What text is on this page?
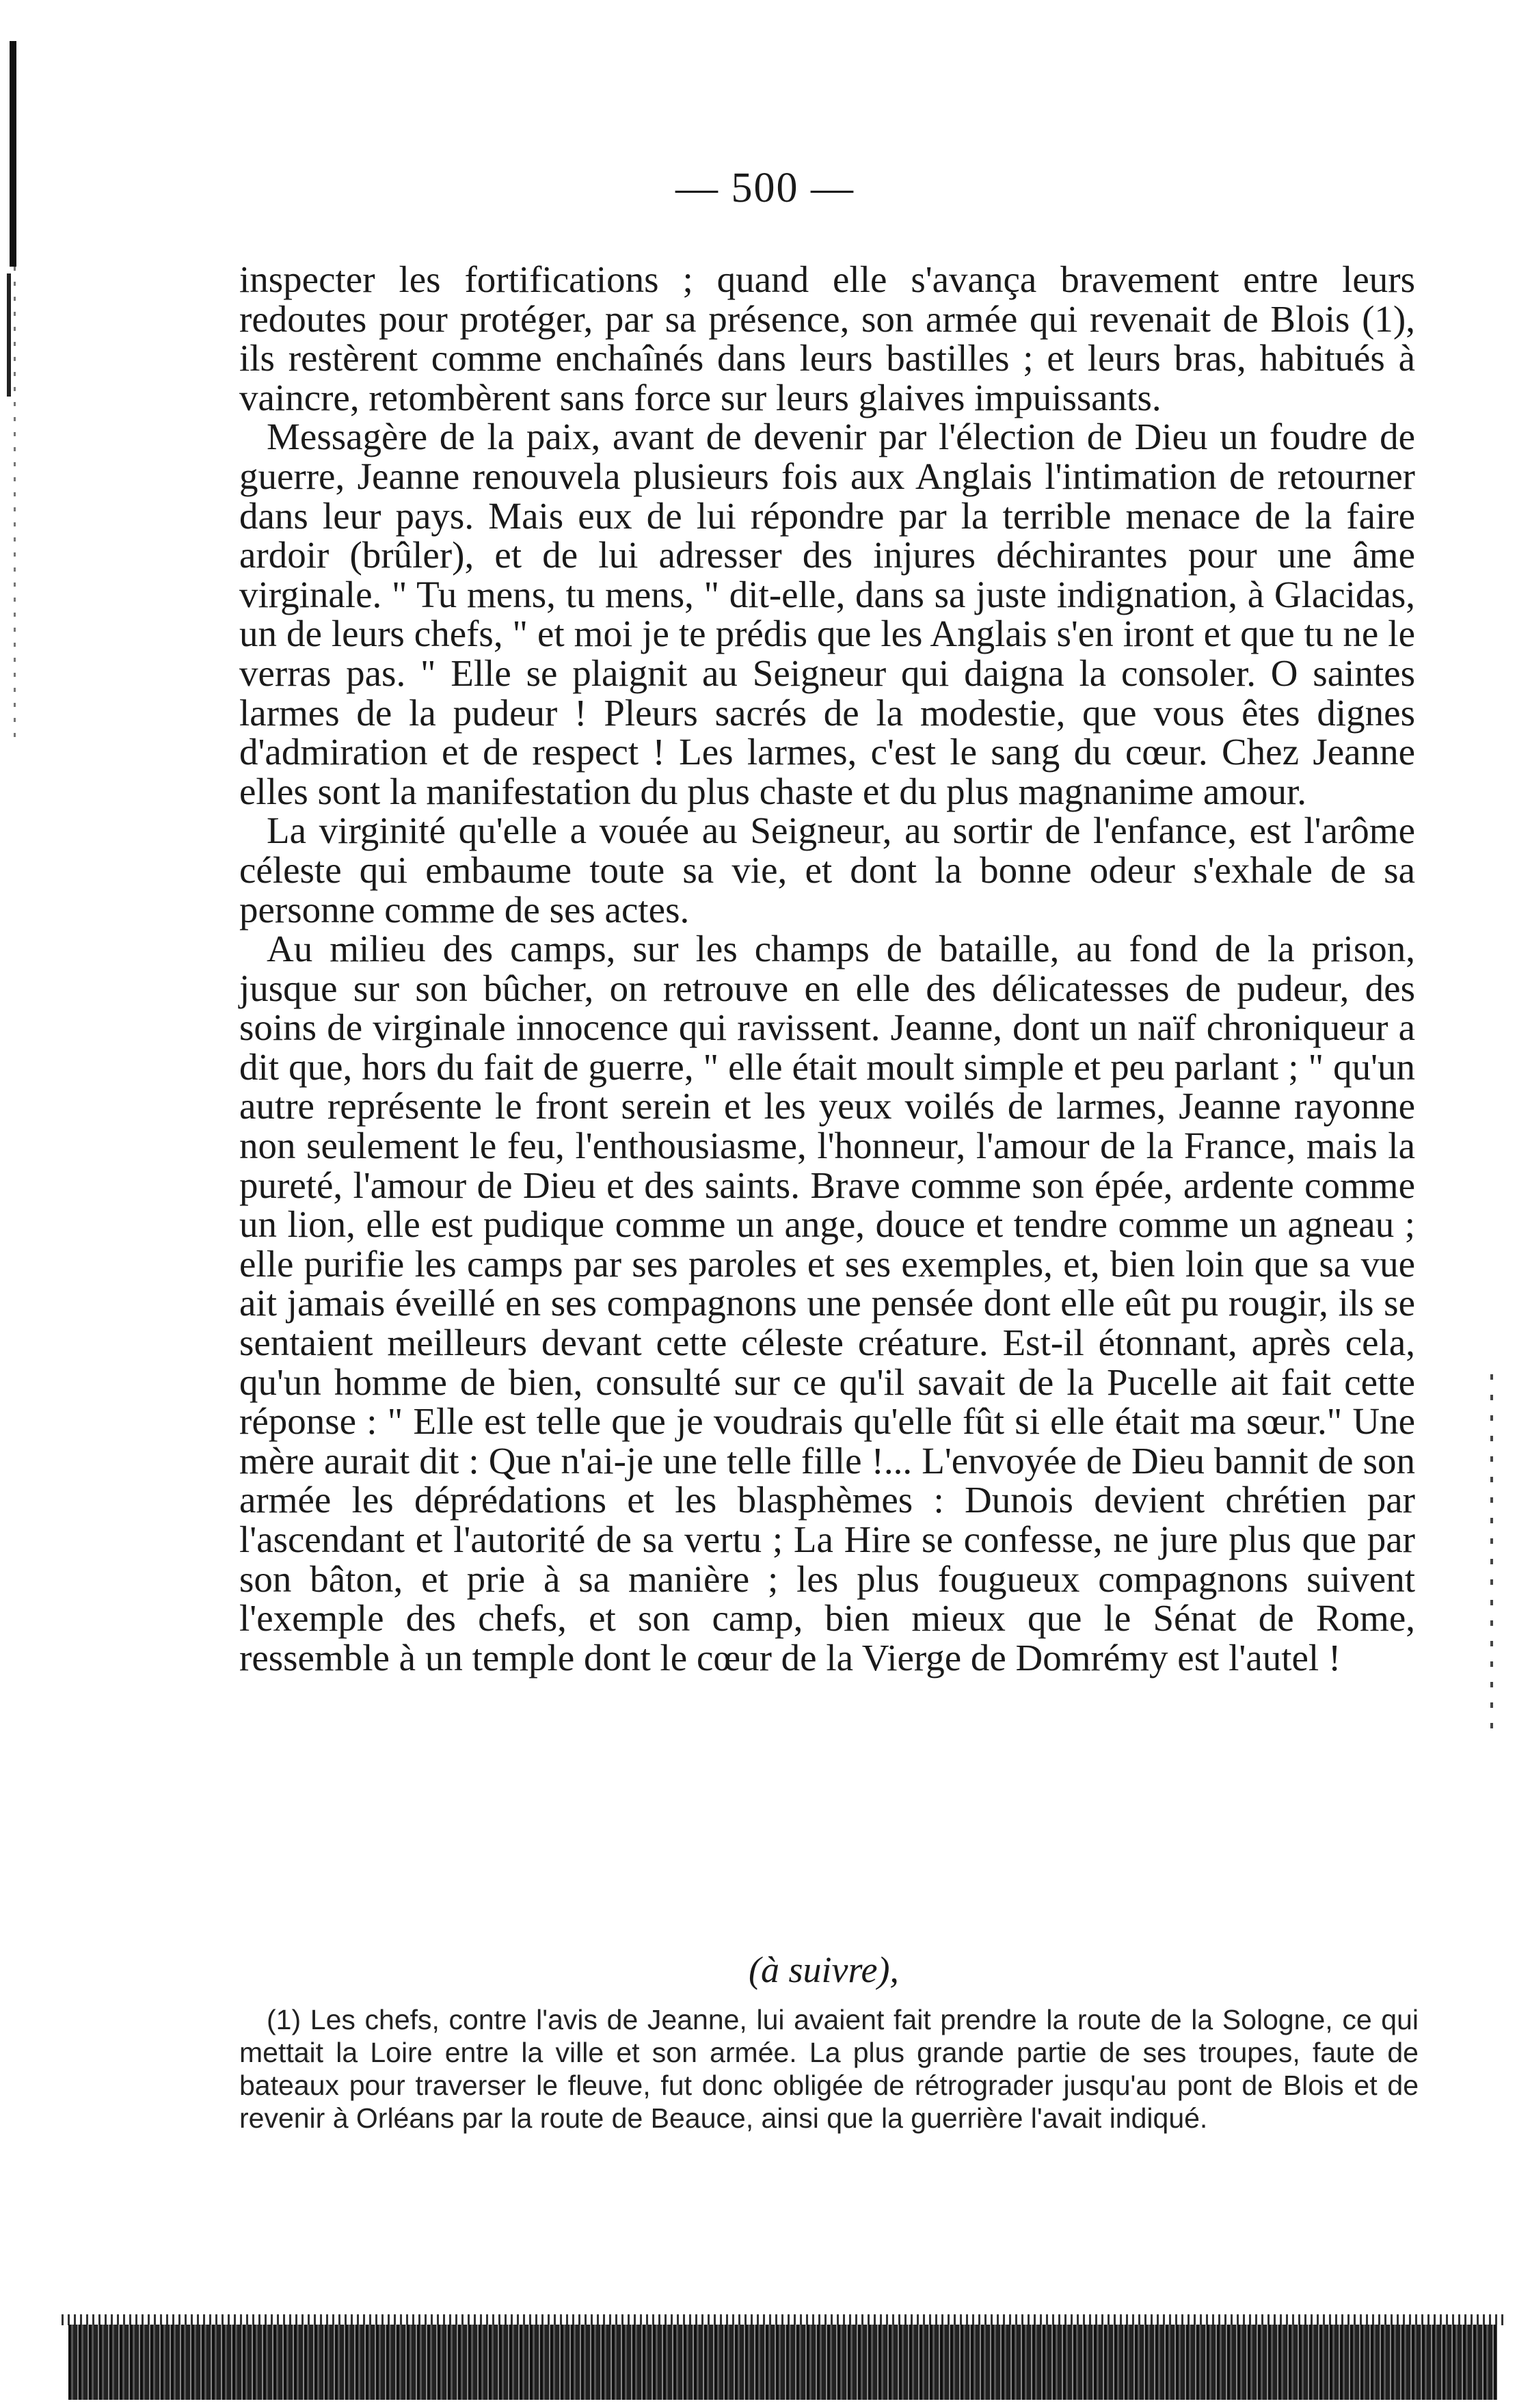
— 500 —

inspecter les fortifications ; quand elle s'avança bravement entre leurs redoutes pour protéger, par sa présence, son armée qui revenait de Blois (1), ils restèrent comme enchaînés dans leurs bastilles ; et leurs bras, habitués à vaincre, retombèrent sans force sur leurs glaives impuissants.

Messagère de la paix, avant de devenir par l'élection de Dieu un foudre de guerre, Jeanne renouvela plusieurs fois aux Anglais l'intimation de retourner dans leur pays. Mais eux de lui répondre par la terrible menace de la faire ardoir (brûler), et de lui adresser des injures déchirantes pour une âme virginale. " Tu mens, tu mens, " dit-elle, dans sa juste indignation, à Glacidas, un de leurs chefs, " et moi je te prédis que les Anglais s'en iront et que tu ne le verras pas. " Elle se plaignit au Seigneur qui daigna la consoler. O saintes larmes de la pudeur ! Pleurs sacrés de la modestie, que vous êtes dignes d'admiration et de respect ! Les larmes, c'est le sang du cœur. Chez Jeanne elles sont la manifestation du plus chaste et du plus magnanime amour.

La virginité qu'elle a vouée au Seigneur, au sortir de l'enfance, est l'arôme céleste qui embaume toute sa vie, et dont la bonne odeur s'exhale de sa personne comme de ses actes.

Au milieu des camps, sur les champs de bataille, au fond de la prison, jusque sur son bûcher, on retrouve en elle des délicatesses de pudeur, des soins de virginale innocence qui ravissent. Jeanne, dont un naïf chroniqueur a dit que, hors du fait de guerre, " elle était moult simple et peu parlant ; " qu'un autre représente le front serein et les yeux voilés de larmes, Jeanne rayonne non seulement le feu, l'enthousiasme, l'honneur, l'amour de la France, mais la pureté, l'amour de Dieu et des saints. Brave comme son épée, ardente comme un lion, elle est pudique comme un ange, douce et tendre comme un agneau ; elle purifie les camps par ses paroles et ses exemples, et, bien loin que sa vue ait jamais éveillé en ses compagnons une pensée dont elle eût pu rougir, ils se sentaient meilleurs devant cette céleste créature. Est-il étonnant, après cela, qu'un homme de bien, consulté sur ce qu'il savait de la Pucelle ait fait cette réponse : " Elle est telle que je voudrais qu'elle fût si elle était ma sœur." Une mère aurait dit : Que n'ai-je une telle fille !... L'envoyée de Dieu bannit de son armée les déprédations et les blasphèmes : Dunois devient chrétien par l'ascendant et l'autorité de sa vertu ; La Hire se confesse, ne jure plus que par son bâton, et prie à sa manière ; les plus fougueux compagnons suivent l'exemple des chefs, et son camp, bien mieux que le Sénat de Rome, ressemble à un temple dont le cœur de la Vierge de Domrémy est l'autel !

(à suivre),

(1) Les chefs, contre l'avis de Jeanne, lui avaient fait prendre la route de la Sologne, ce qui mettait la Loire entre la ville et son armée. La plus grande partie de ses troupes, faute de bateaux pour traverser le fleuve, fut donc obligée de rétrograder jusqu'au pont de Blois et de revenir à Orléans par la route de Beauce, ainsi que la guerrière l'avait indiqué.
